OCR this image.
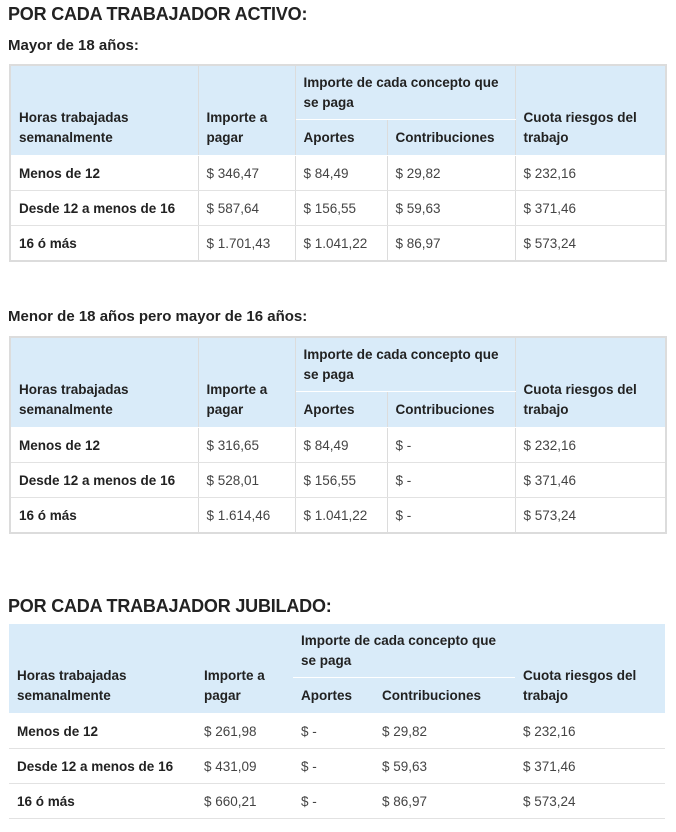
POR CADA TRABAJADOR ACTIVO:
Mayor de 18 años:
Horas trabajadas semanalmente	Importe a pagar	Importe de cada concepto que se paga		Cuota riesgos del trabajo
		Aportes	Contribuciones	
Menos de 12	$ 346,47	$ 84,49	$ 29,82	$ 232,16
Desde 12 a menos de 16	$ 587,64	$ 156,55	$ 59,63	$ 371,46
16 ó más	$ 1.701,43	$ 1.041,22	$ 86,97	$ 573,24
Menor de 18 años pero mayor de 16 años:
Horas trabajadas semanalmente	Importe a pagar	Importe de cada concepto que se paga		Cuota riesgos del trabajo
		Aportes	Contribuciones	
Menos de 12	$ 316,65	$ 84,49	$ -	$ 232,16
Desde 12 a menos de 16	$ 528,01	$ 156,55	$ -	$ 371,46
16 ó más	$ 1.614,46	$ 1.041,22	$ -	$ 573,24
POR CADA TRABAJADOR JUBILADO:
Horas trabajadas semanalmente	Importe a pagar	Importe de cada concepto que se paga		Cuota riesgos del trabajo
		Aportes	Contribuciones	
Menos de 12	$ 261,98	$ -	$ 29,82	$ 232,16
Desde 12 a menos de 16	$ 431,09	$ -	$ 59,63	$ 371,46
16 ó más	$ 660,21	$ -	$ 86,97	$ 573,24
